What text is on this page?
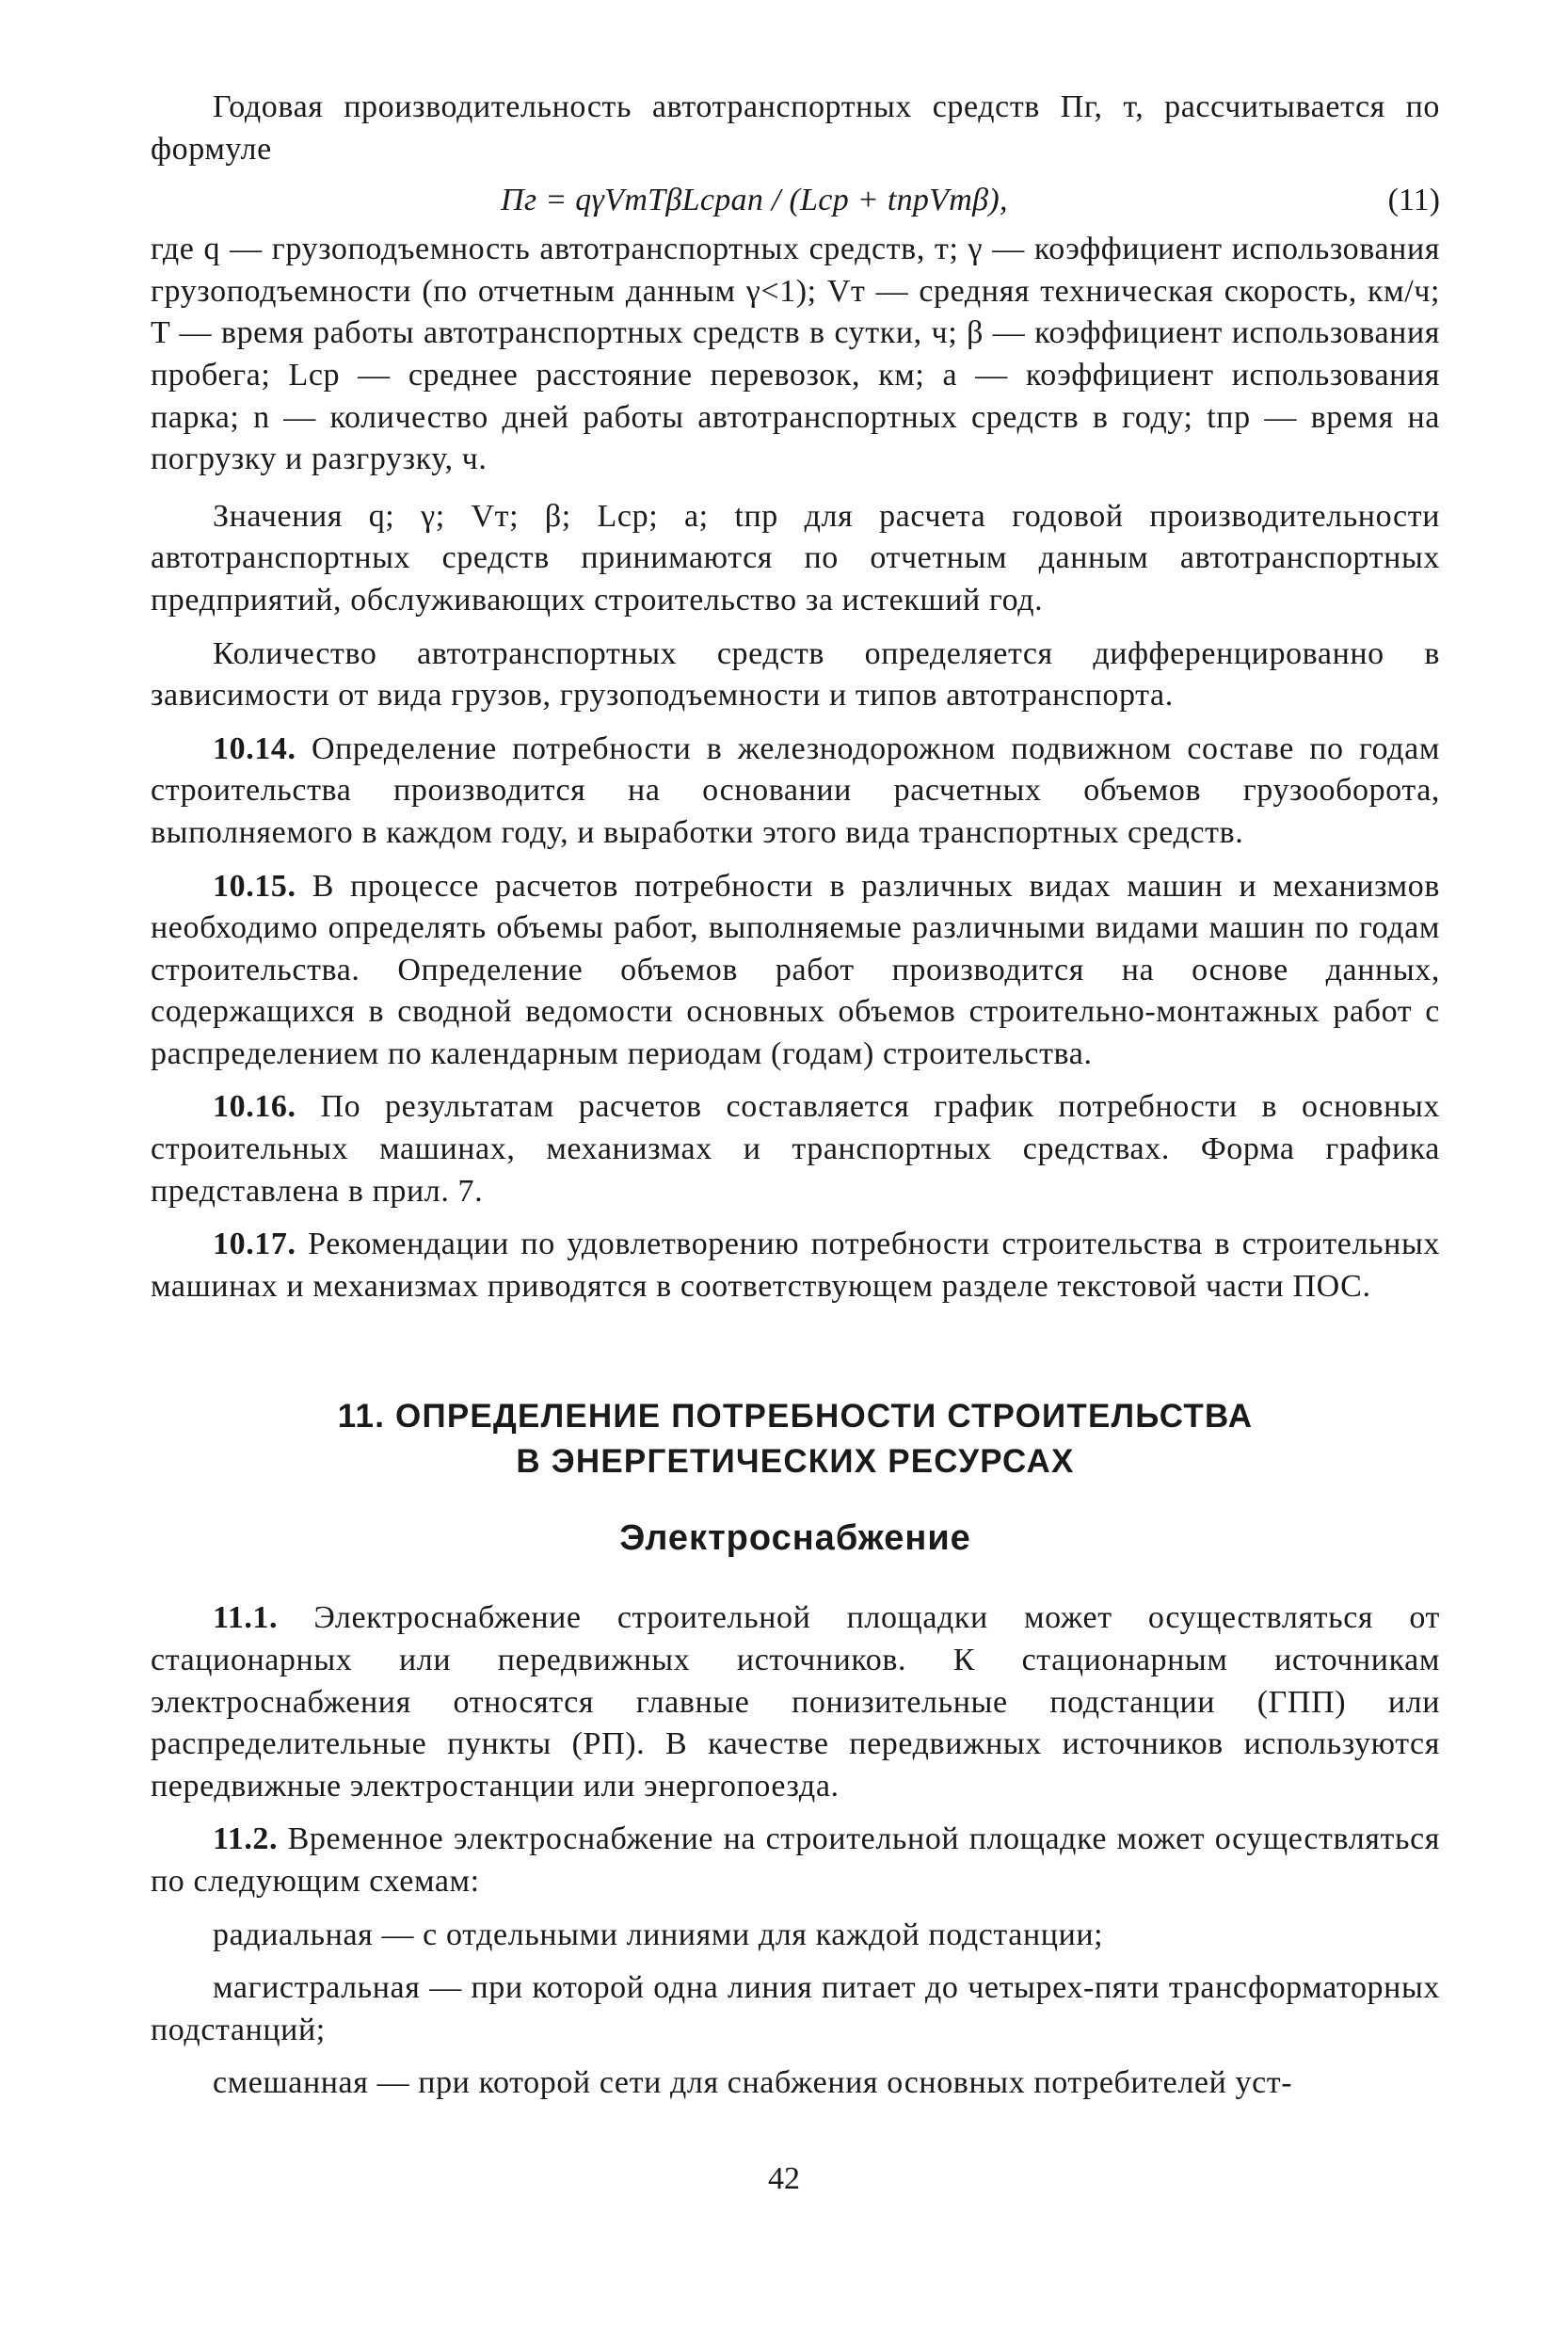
Годовая производительность автотранспортных средств Пг, т, рассчитывается по формуле

Пг = qγVтTβLсрan / (Lср + tпрVтβ),	(11)

где q — грузоподъемность автотранспортных средств, т; γ — коэффициент использования грузоподъемности (по отчетным данным γ<1); Vт — средняя техническая скорость, км/ч; T — время работы автотранспортных средств в сутки, ч; β — коэффициент использования пробега; Lср — среднее расстояние перевозок, км; a — коэффициент использования парка; n — количество дней работы автотранспортных средств в году; tпр — время на погрузку и разгрузку, ч.

Значения q; γ; Vт; β; Lср; a; tпр для расчета годовой производительности автотранспортных средств принимаются по отчетным данным автотранспортных предприятий, обслуживающих строительство за истекший год.

Количество автотранспортных средств определяется дифференцированно в зависимости от вида грузов, грузоподъемности и типов автотранспорта.

10.14. Определение потребности в железнодорожном подвижном составе по годам строительства производится на основании расчетных объемов грузооборота, выполняемого в каждом году, и выработки этого вида транспортных средств.

10.15. В процессе расчетов потребности в различных видах машин и механизмов необходимо определять объемы работ, выполняемые различными видами машин по годам строительства. Определение объемов работ производится на основе данных, содержащихся в сводной ведомости основных объемов строительно-монтажных работ с распределением по календарным периодам (годам) строительства.

10.16. По результатам расчетов составляется график потребности в основных строительных машинах, механизмах и транспортных средствах. Форма графика представлена в прил. 7.

10.17. Рекомендации по удовлетворению потребности строительства в строительных машинах и механизмах приводятся в соответствующем разделе текстовой части ПОС.

11. ОПРЕДЕЛЕНИЕ ПОТРЕБНОСТИ СТРОИТЕЛЬСТВА
В ЭНЕРГЕТИЧЕСКИХ РЕСУРСАХ
Электроснабжение

11.1. Электроснабжение строительной площадки может осуществляться от стационарных или передвижных источников. К стационарным источникам электроснабжения относятся главные понизительные подстанции (ГПП) или распределительные пункты (РП). В качестве передвижных источников используются передвижные электростанции или энергопоезда.

11.2. Временное электроснабжение на строительной площадке может осуществляться по следующим схемам:

радиальная — с отдельными линиями для каждой подстанции;

магистральная — при которой одна линия питает до четырех-пяти трансформаторных подстанций;

смешанная — при которой сети для снабжения основных потребителей уст-

42
